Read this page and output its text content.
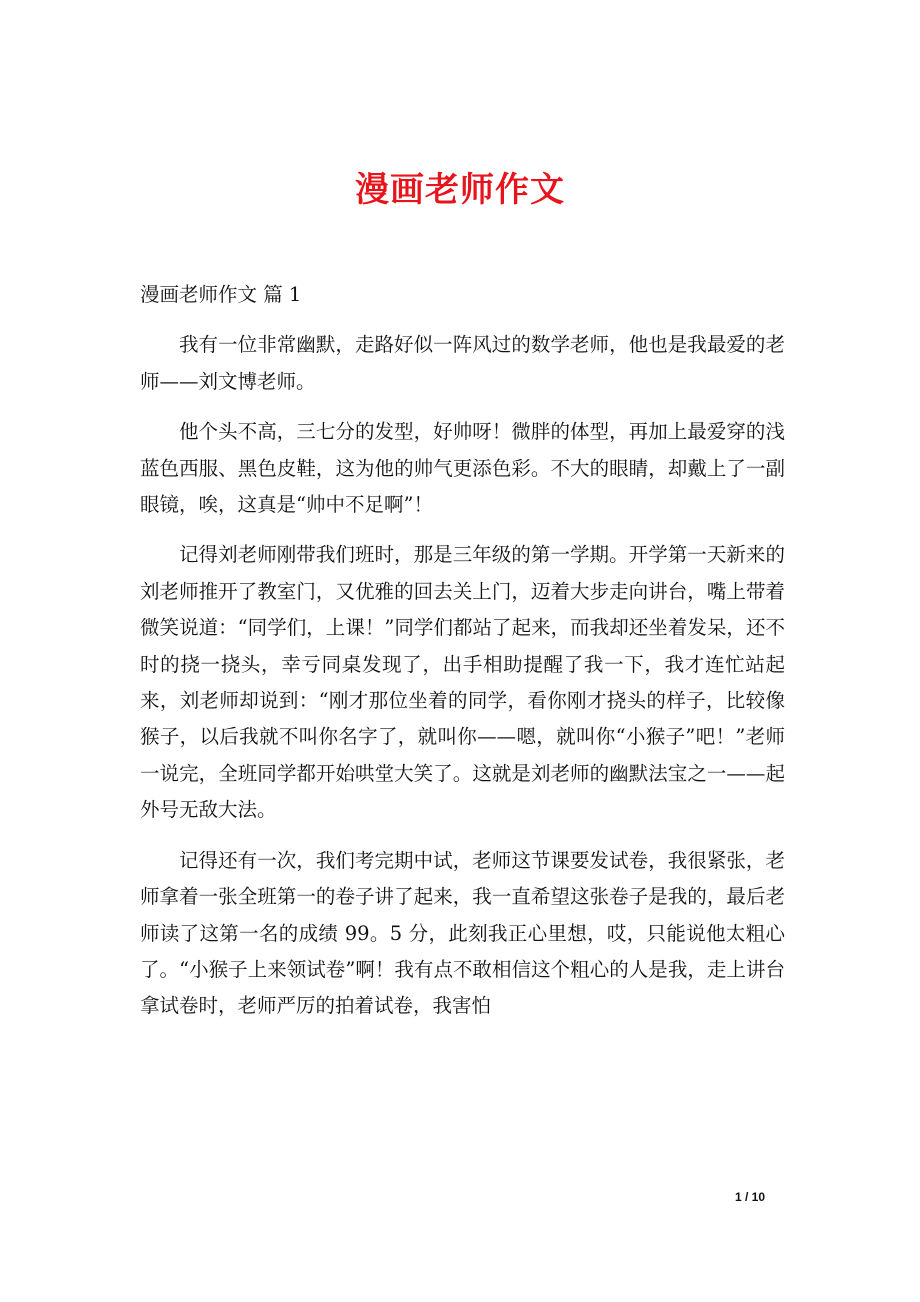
漫画老师作文

漫画老师作文 篇 1

我有一位非常幽默，走路好似一阵风过的数学老师，他也是我最爱的老师——刘文博老师。

他个头不高，三七分的发型，好帅呀！微胖的体型，再加上最爱穿的浅蓝色西服、黑色皮鞋，这为他的帅气更添色彩。不大的眼睛，却戴上了一副眼镜，唉，这真是“帅中不足啊”！

记得刘老师刚带我们班时，那是三年级的第一学期。开学第一天新来的刘老师推开了教室门，又优雅的回去关上门，迈着大步走向讲台，嘴上带着微笑说道：“同学们，上课！”同学们都站了起来，而我却还坐着发呆，还不时的挠一挠头，幸亏同桌发现了，出手相助提醒了我一下，我才连忙站起来，刘老师却说到：“刚才那位坐着的同学，看你刚才挠头的样子，比较像猴子，以后我就不叫你名字了，就叫你——嗯，就叫你“小猴子”吧！”老师一说完，全班同学都开始哄堂大笑了。这就是刘老师的幽默法宝之一——起外号无敌大法。

记得还有一次，我们考完期中试，老师这节课要发试卷，我很紧张，老师拿着一张全班第一的卷子讲了起来，我一直希望这张卷子是我的，最后老师读了这第一名的成绩 99。5 分，此刻我正心里想，哎，只能说他太粗心了。“小猴子上来领试卷”啊！我有点不敢相信这个粗心的人是我，走上讲台拿试卷时，老师严厉的拍着试卷，我害怕

1 / 10
